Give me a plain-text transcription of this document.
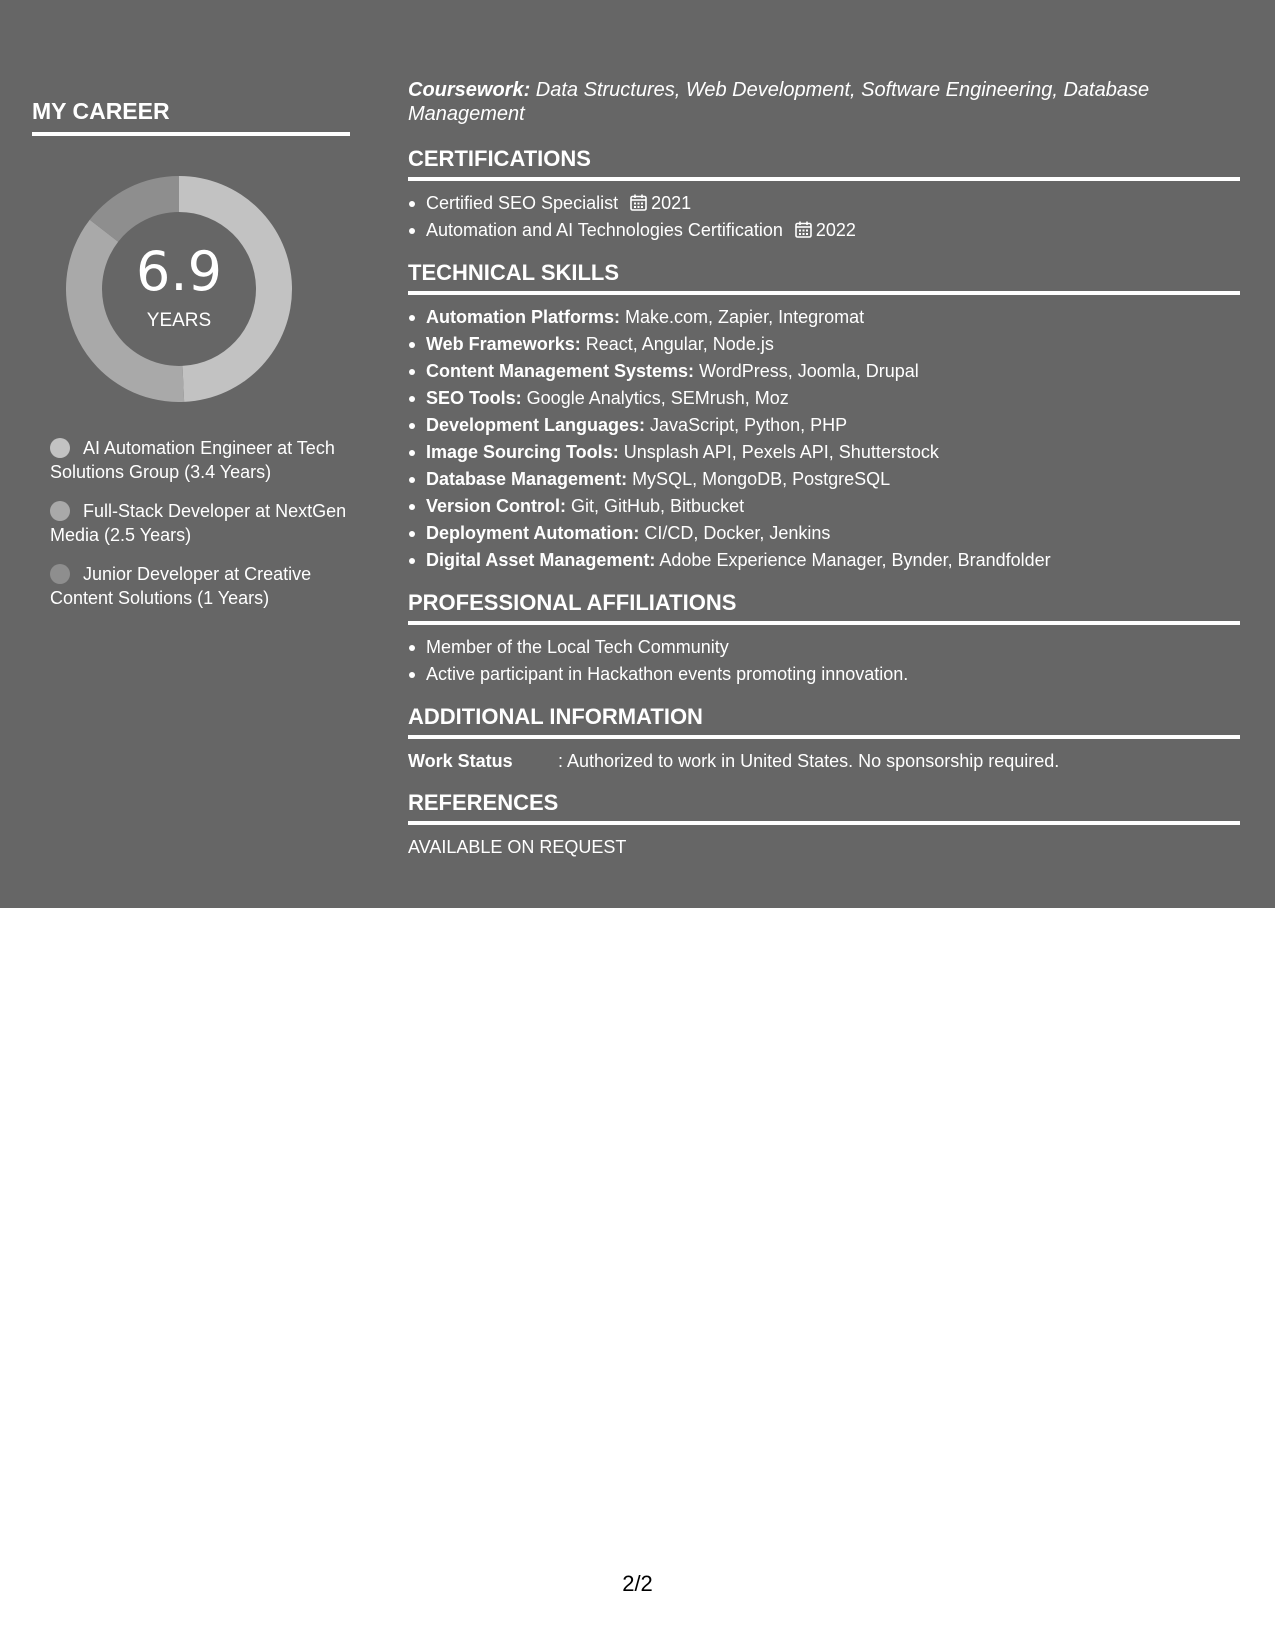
MY CAREER
6.9
YEARS
AI Automation Engineer at Tech Solutions Group (3.4 Years)
Full-Stack Developer at NextGen Media (2.5 Years)
Junior Developer at Creative Content Solutions (1 Years)

Coursework: Data Structures, Web Development, Software Engineering, Database Management

CERTIFICATIONS
Certified SEO Specialist 2021
Automation and AI Technologies Certification 2022
TECHNICAL SKILLS
Automation Platforms: Make.com, Zapier, Integromat
Web Frameworks: React, Angular, Node.js
Content Management Systems: WordPress, Joomla, Drupal
SEO Tools: Google Analytics, SEMrush, Moz
Development Languages: JavaScript, Python, PHP
Image Sourcing Tools: Unsplash API, Pexels API, Shutterstock
Database Management: MySQL, MongoDB, PostgreSQL
Version Control: Git, GitHub, Bitbucket
Deployment Automation: CI/CD, Docker, Jenkins
Digital Asset Management: Adobe Experience Manager, Bynder, Brandfolder
PROFESSIONAL AFFILIATIONS
Member of the Local Tech Community
Active participant in Hackathon events promoting innovation.
ADDITIONAL INFORMATION
Work Status	: Authorized to work in United States. No sponsorship required.
REFERENCES
AVAILABLE ON REQUEST
2/2
